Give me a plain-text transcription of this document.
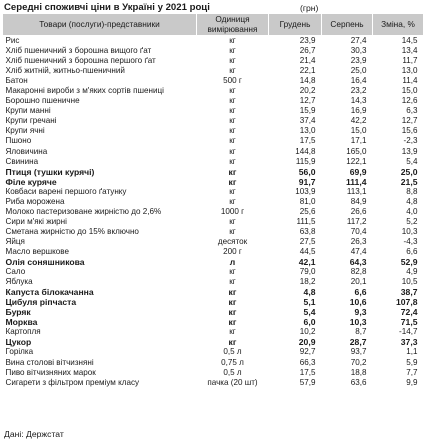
Середні споживчі ціни в Україні у 2021 році	(грн)
Товари (послуги)-представники	Одиниця вимірювання	Грудень	Серпень	Зміна, %
Рис	кг	23,9	27,4	14,5
Хліб пшеничний з борошна вищого ґат	кг	26,7	30,3	13,4
Хліб пшеничний з борошна першого ґат	кг	21,4	23,9	11,7
Хліб житній, житньо-пшеничний	кг	22,1	25,0	13,0
Батон	500 г	14,8	16,4	11,4
Макаронні вироби з м'яких сортів пшениці	кг	20,2	23,2	15,0
Борошно пшеничне	кг	12,7	14,3	12,6
Крупи манні	кг	15,9	16,9	6,3
Крупи гречані	кг	37,4	42,2	12,7
Крупи ячні	кг	13,0	15,0	15,6
Пшоно	кг	17,5	17,1	-2,3
Яловичина	кг	144,8	165,0	13,9
Свинина	кг	115,9	122,1	5,4
Птиця (тушки курячі)	кг	56,0	69,9	25,0
Філе куряче	кг	91,7	111,4	21,5
Ковбаси варені першого ґатунку	кг	103,9	113,1	8,8
Риба морожена	кг	81,0	84,9	4,8
Молоко пастеризоване жирністю до 2,6%	1000 г	25,6	26,6	4,0
Сири м'які жирні	кг	111,5	117,2	5,2
Сметана жирністю до 15% включно	кг	63,8	70,4	10,3
Яйця	десяток	27,5	26,3	-4,3
Масло вершкове	200 г	44,5	47,4	6,6
Олія соняшникова	л	42,1	64,3	52,9
Сало	кг	79,0	82,8	4,9
Яблука	кг	18,2	20,1	10,5
Капуста білокачанна	кг	4,8	6,6	38,7
Цибуля ріпчаста	кг	5,1	10,6	107,8
Буряк	кг	5,4	9,3	72,4
Морква	кг	6,0	10,3	71,5
Картопля	кг	10,2	8,7	-14,7
Цукор	кг	20,9	28,7	37,3
Горілка	0,5 л	92,7	93,7	1,1
Вина столові вітчизняні	0,75 л	66,3	70,2	5,9
Пиво вітчизняних марок	0,5 л	17,5	18,8	7,7
Сигарети з фільтром преміум класу	пачка (20 шт)	57,9	63,6	9,9
Дані: Держстат
